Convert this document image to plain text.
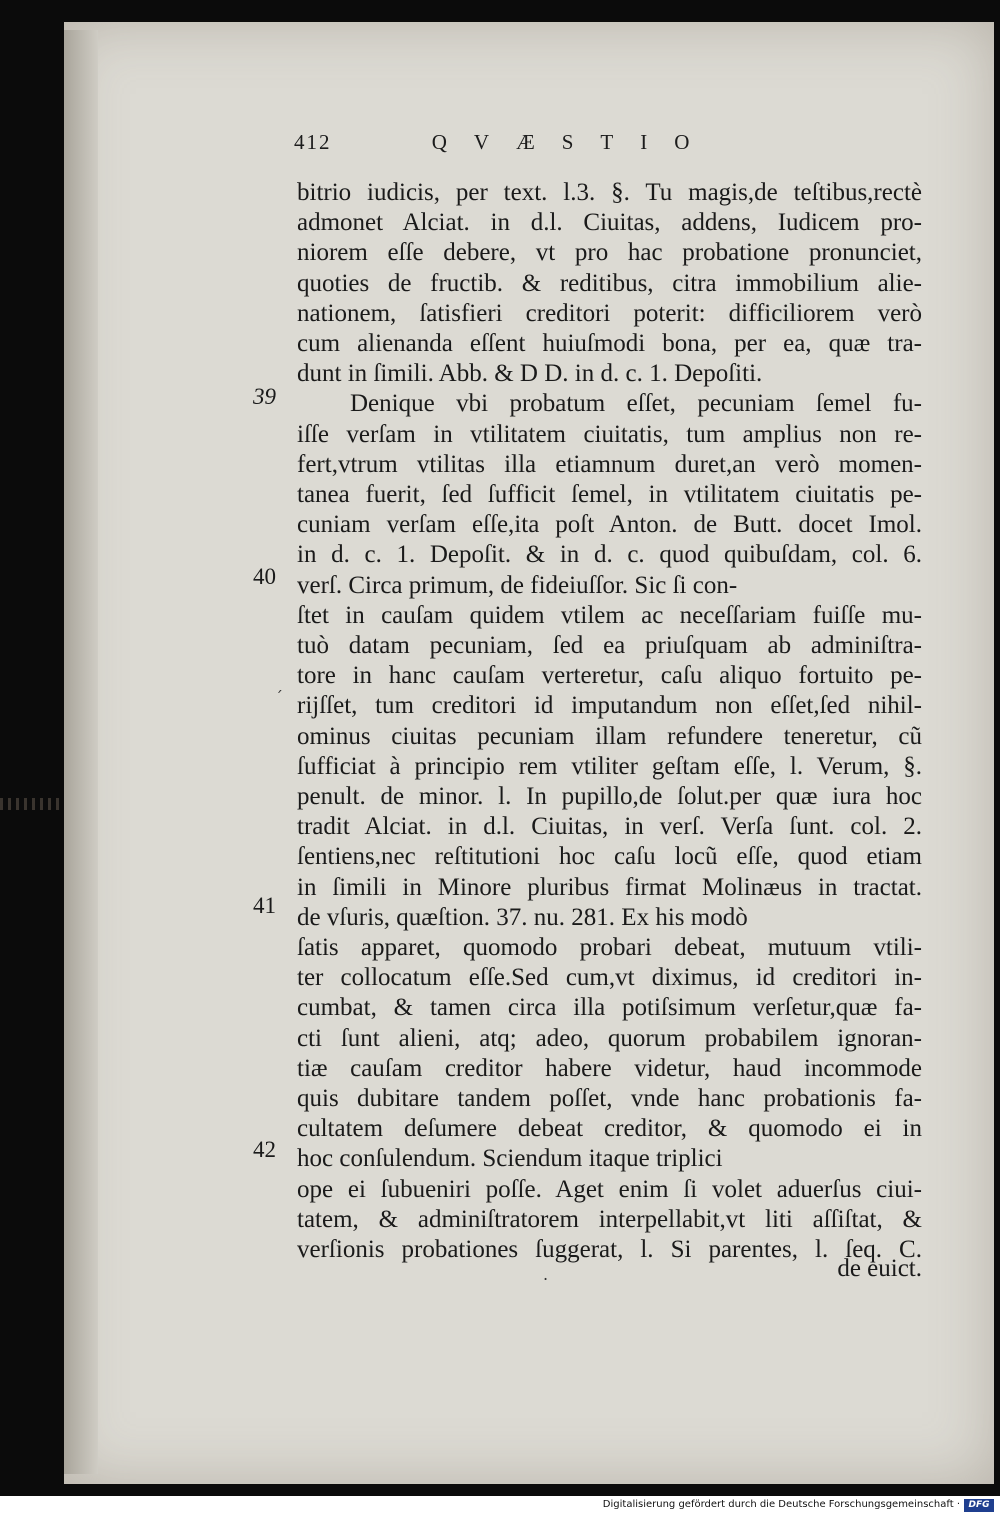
412	QVÆSTIO
bitrio iudicis, per text. l.3. §. Tu magis,de teſtibus,rectè
admonet Alciat. in d.l. Ciuitas, addens, Iudicem pro-
niorem eſſe debere, vt pro hac probatione pronunciet,
quoties de fructib. & reditibus, citra immobilium alie-
nationem, ſatisfieri creditori poterit: difficiliorem verò
cum alienanda eſſent huiuſmodi bona, per ea, quæ tra-
dunt in ſimili. Abb. & D D. in d. c. 1. Depoſiti.
Denique vbi probatum eſſet, pecuniam ſemel fu-
iſſe verſam in vtilitatem ciuitatis, tum amplius non re-
fert,vtrum vtilitas illa etiamnum duret,an verò momen-
tanea fuerit, ſed ſufficit ſemel, in vtilitatem ciuitatis pe-
cuniam verſam eſſe,ita poſt Anton. de Butt. docet Imol.
in d. c. 1. Depoſit. & in d. c. quod quibuſdam, col. 6.
verſ. Circa primum, de fideiuſſor. Sic ſi con-
ſtet in cauſam quidem vtilem ac neceſſariam fuiſſe mu-
tuò datam pecuniam, ſed ea priuſquam ab adminiſtra-
tore in hanc cauſam verteretur, caſu aliquo fortuito pe-
rijſſet, tum creditori id imputandum non eſſet,ſed nihil-
ominus ciuitas pecuniam illam refundere teneretur, cũ
ſufficiat à principio rem vtiliter geſtam eſſe, l. Verum, §.
penult. de minor. l. In pupillo,de ſolut.per quæ iura hoc
tradit Alciat. in d.l. Ciuitas, in verſ. Verſa ſunt. col. 2.
ſentiens,nec reſtitutioni hoc caſu locũ eſſe, quod etiam
in ſimili in Minore pluribus firmat Molinæus in tractat.
de vſuris, quæſtion. 37. nu. 281. Ex his modò
ſatis apparet, quomodo probari debeat, mutuum vtili-
ter collocatum eſſe.Sed cum,vt diximus, id creditori in-
cumbat, & tamen circa illa potiſsimum verſetur,quæ fa-
cti ſunt alieni, atq; adeo, quorum probabilem ignoran-
tiæ cauſam creditor habere videtur, haud incommode
quis dubitare tandem poſſet, vnde hanc probationis fa-
cultatem deſumere debeat creditor, & quomodo ei in
hoc conſulendum. Sciendum itaque triplici
ope ei ſubueniri poſſe. Aget enim ſi volet aduerſus ciui-
tatem, & adminiſtratorem interpellabit,vt liti aſſiſtat, &
verſionis probationes ſuggerat, l. Si parentes, l. ſeq. C.
de euict.
39
40
41
42
´
.
Digitalisierung gefördert durch die Deutsche Forschungsgemeinschaft · DFG
